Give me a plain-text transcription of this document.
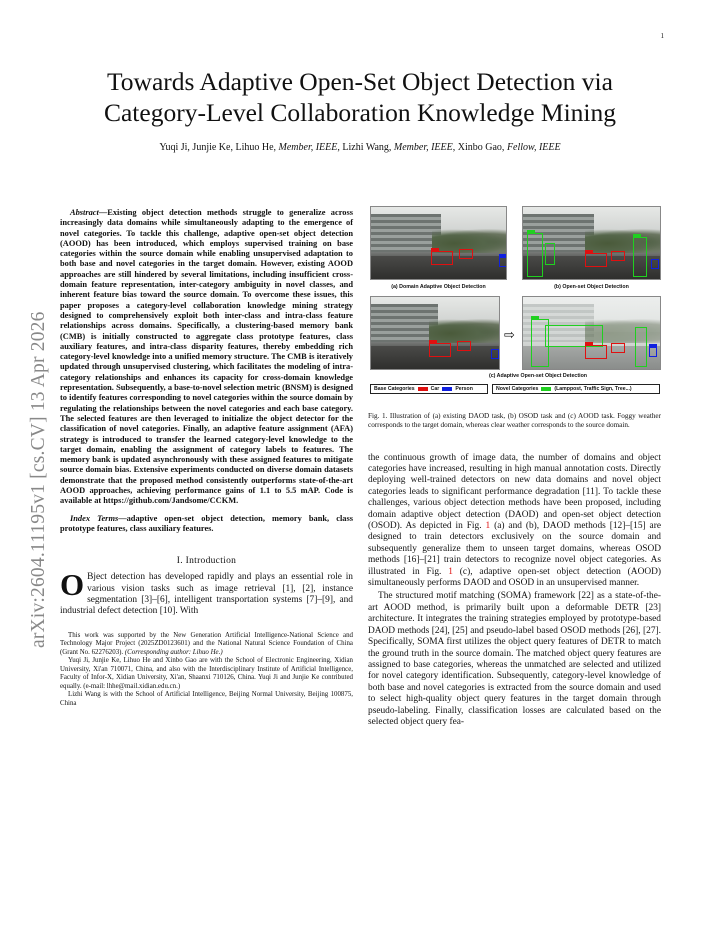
1
arXiv:2604.11195v1 [cs.CV] 13 Apr 2026
Towards Adaptive Open-Set Object Detection via
Category-Level Collaboration Knowledge Mining
Yuqi Ji, Junjie Ke, Lihuo He, Member, IEEE, Lizhi Wang, Member, IEEE, Xinbo Gao, Fellow, IEEE

Abstract—Existing object detection methods struggle to generalize across increasingly data domains while simultaneously adapting to the emergence of novel categories. To tackle this challenge, adaptive open-set object detection (AOOD) has been introduced, which employs supervised training on base categories within the source domain while enabling unsupervised adaptation to both base and novel categories in the target domain. However, existing AOOD approaches are still hindered by several limitations, including insufficient cross-domain feature representation, inter-category ambiguity in novel classes, and inherent feature bias toward the source domain. To overcome these issues, this paper proposes a category-level collaboration knowledge mining strategy designed to comprehensively exploit both inter-class and intra-class feature relationships across domains. Specifically, a clustering-based memory bank (CMB) is initially constructed to aggregate class prototype features, class auxiliary features, and intra-class disparity features, thereby embedding rich category-level knowledge into a unified memory structure. The CMB is iteratively updated through unsupervised clustering, which facilitates the modeling of intra-category relationships and enhances its capacity for cross-domain knowledge representation. Subsequently, a base-to-novel selection metric (BNSM) is designed to identify features corresponding to novel categories within the source domain by regulating the relationships between the novel categories and each base category. The selected features are then leveraged to initialize the object detector for the classification of novel categories. Finally, an adaptive feature assignment (AFA) strategy is introduced to transfer the learned category-level knowledge to the target domain, enabling the assignment of category labels to features. The memory bank is updated asynchronously with these assigned features to mitigate source domain bias. Extensive experiments conducted on diverse domain datasets demonstrate that the proposed method consistently outperforms state-of-the-art AOOD approaches, achieving performance gains of 1.1 to 5.5 mAP. Code is available at https://github.com/Jandsome/CCKM.

Index Terms—adaptive open-set object detection, memory bank, class prototype features, class auxiliary features.

I. Introduction

O Bject detection has developed rapidly and plays an essential role in various vision tasks such as image retrieval [1], [2], instance segmentation [3]–[6], intelligent transportation systems [7]–[9], and industrial defect detection [10]. With

This work was supported by the New Generation Artificial Intelligence-National Science and Technology Major Project (2025ZD0123601) and the National Natural Science Foundation of China (Grant No. 62276203). (Corresponding author: Lihuo He.)

Yuqi Ji, Junjie Ke, Lihuo He and Xinbo Gao are with the School of Electronic Engineering, Xidian University, Xi'an 710071, China, and also with the Interdisciplinary Institute of Artificial Intelligence, Faculty of Infor-X, Xidian University, Xi'an, Shaanxi 710126, China. Yuqi Ji and Junjie Ke contributed equally. (e-mail: lhhe@mail.xidian.edu.cn.)

Lizhi Wang is with the School of Artificial Intelligence, Beijing Normal University, Beijing 100875, China

(a) Domain Adaptive Object Detection	(b) Open-set Object Detection
⇨
(c) Adaptive Open-set Object Detection
Base Categories	Car	Person	Novel Categories	(Lamppost, Traffic Sign, Tree...)

Fig. 1. Illustration of (a) existing DAOD task, (b) OSOD task and (c) AOOD task. Foggy weather corresponds to the target domain, whereas clear weather corresponds to the source domain.

the continuous growth of image data, the number of domains and object categories have increased, resulting in high manual annotation costs. Directly deploying well-trained detectors on new data domains and novel object categories leads to significant performance degradation [11]. To tackle these challenges, various object detection methods have been proposed, including domain adaptive object detection (DAOD) and open-set object detection (OSOD). As depicted in Fig. 1 (a) and (b), DAOD methods [12]–[15] are designed to train detectors exclusively on the source domain and subsequently generalize them to unseen target domains, whereas OSOD methods [16]–[21] train detectors to recognize novel object categories. As illustrated in Fig. 1 (c), adaptive open-set object detection (AOOD) simultaneously performs DAOD and OSOD in an unsupervised manner.

The structured motif matching (SOMA) framework [22] as a state-of-the-art AOOD method, is primarily built upon a deformable DETR [23] architecture. It integrates the training strategies employed by prototype-based DAOD methods [24], [25] and pseudo-label based OSOD methods [26], [27]. Specifically, SOMA first utilizes the object query features of DETR to match the ground truth in the source domain. The matched object query features are assigned to base categories, whereas the unmatched are selected and utilized for novel category identification. Subsequently, category-level knowledge of both base and novel categories is extracted from the source domain and used to select high-quality object query features in the target domain through pseudo-labeling. Finally, classification losses are calculated based on the selected object query fea-
